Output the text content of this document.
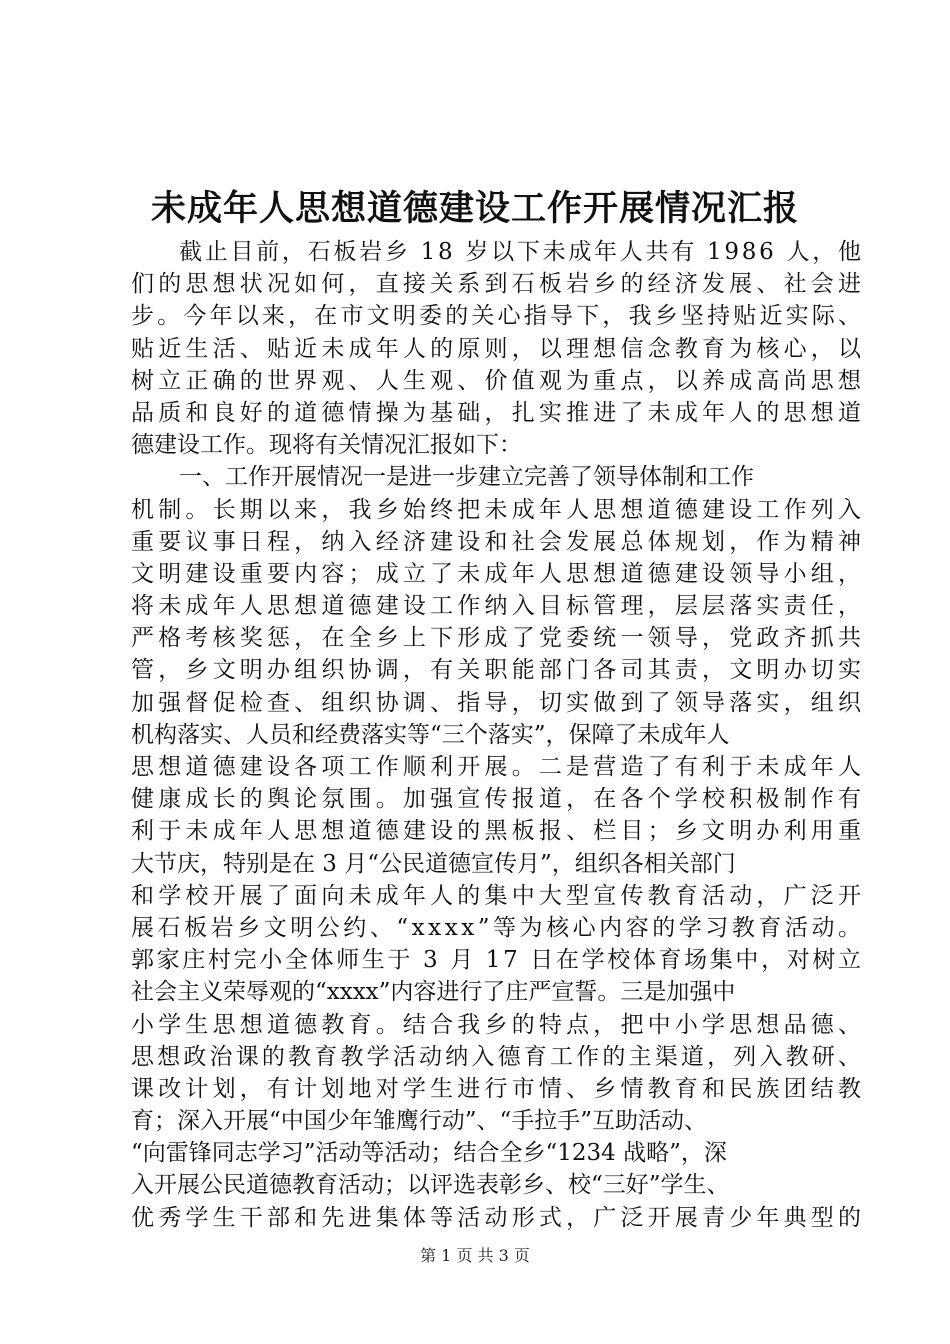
未成年人思想道德建设工作开展情况汇报
截止目前，石板岩乡 18 岁以下未成年人共有 1986 人，他
们的思想状况如何，直接关系到石板岩乡的经济发展、社会进
步。今年以来，在市文明委的关心指导下，我乡坚持贴近实际、
贴近生活、贴近未成年人的原则，以理想信念教育为核心，以
树立正确的世界观、人生观、价值观为重点，以养成高尚思想
品质和良好的道德情操为基础，扎实推进了未成年人的思想道
德建设工作。现将有关情况汇报如下：
一、工作开展情况一是进一步建立完善了领导体制和工作
机制。长期以来，我乡始终把未成年人思想道德建设工作列入
重要议事日程，纳入经济建设和社会发展总体规划，作为精神
文明建设重要内容；成立了未成年人思想道德建设领导小组，
将未成年人思想道德建设工作纳入目标管理，层层落实责任，
严格考核奖惩，在全乡上下形成了党委统一领导，党政齐抓共
管，乡文明办组织协调，有关职能部门各司其责，文明办切实
加强督促检查、组织协调、指导，切实做到了领导落实，组织
机构落实、人员和经费落实等“三个落实”，保障了未成年人
思想道德建设各项工作顺利开展。二是营造了有利于未成年人
健康成长的舆论氛围。加强宣传报道，在各个学校积极制作有
利于未成年人思想道德建设的黑板报、栏目；乡文明办利用重
大节庆，特别是在 3 月“公民道德宣传月”，组织各相关部门
和学校开展了面向未成年人的集中大型宣传教育活动，广泛开
展石板岩乡文明公约、“xxxx”等为核心内容的学习教育活动。
郭家庄村完小全体师生于 3 月 17 日在学校体育场集中，对树立
社会主义荣辱观的“xxxx”内容进行了庄严宣誓。三是加强中
小学生思想道德教育。结合我乡的特点，把中小学思想品德、
思想政治课的教育教学活动纳入德育工作的主渠道，列入教研、
课改计划，有计划地对学生进行市情、乡情教育和民族团结教
育；深入开展“中国少年雏鹰行动”、“手拉手”互助活动、
“向雷锋同志学习”活动等活动；结合全乡“1234 战略”，深
入开展公民道德教育活动；以评选表彰乡、校“三好”学生、
优秀学生干部和先进集体等活动形式，广泛开展青少年典型的
第 1 页 共 3 页
